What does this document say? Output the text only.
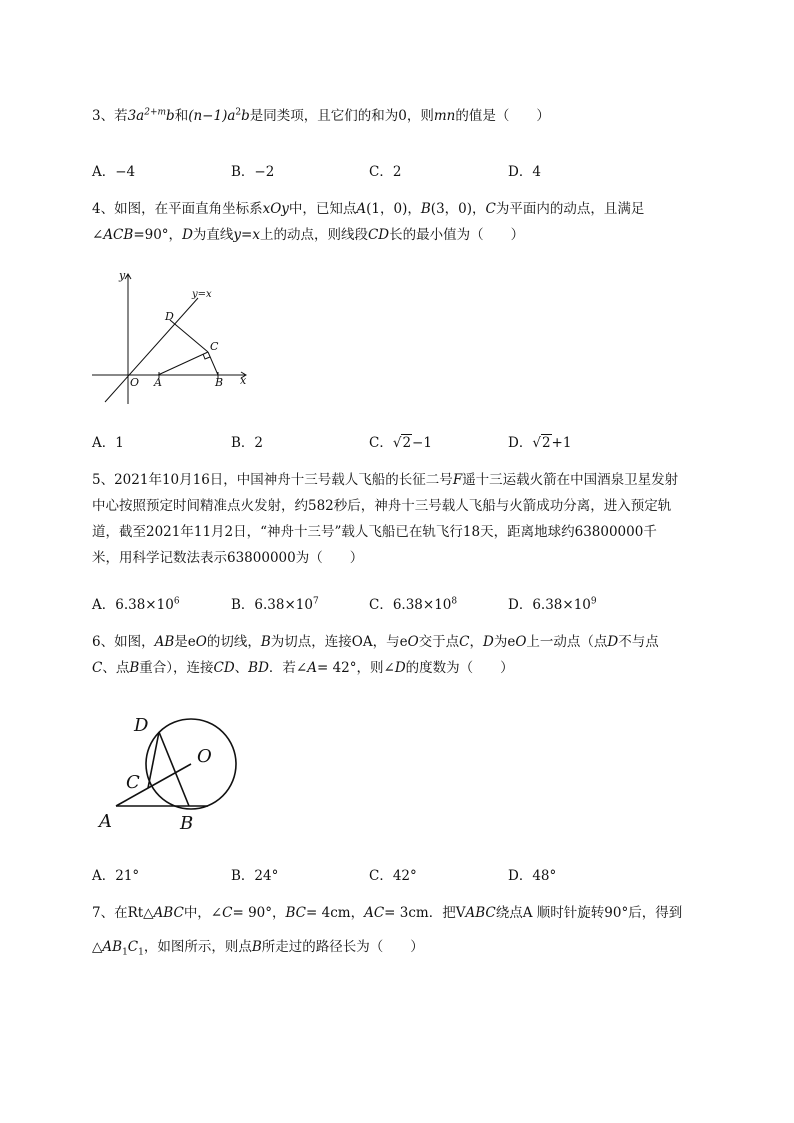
3、若$3a^{2+m}b$和$(n-1)a^2b$是同类项，且它们的和为0，则mn的值是（　　）
A．−4	B．−2	C．2	D．4
4、如图，在平面直角坐标系xOy中，已知点A(1，0)，B(3，0)，C为平面内的动点，且满足
∠ACB=90°，D为直线y=x上的动点，则线段CD长的最小值为（　　）
y
x
O A	B
C
D
y=x
A．1	B．2	C．√2−1	D．√2+1
5、2021年10月16日，中国神舟十三号载人飞船的长征二号F遥十三运载火箭在中国酒泉卫星发射
中心按照预定时间精准点火发射，约582秒后，神舟十三号载人飞船与火箭成功分离，进入预定轨
道，截至2021年11月2日，“神舟十三号”载人飞船已在轨飞行18天，距离地球约63800000千
米，用科学记数法表示63800000为（　　）
A．$6.38\times 10^6$	B．$6.38\times 10^7$	C．$6.38\times 10^8$	D．$6.38\times 10^9$
6、如图，AB是eO的切线，B为切点，连接OA，与eO交于点C，D为eO上一动点（点D不与点
C、点B重合），连接CD、BD．若∠A= 42°，则∠D的度数为（　　）
D
O
C
A	B
A．21°	B．24°	C．42°	D．48°
7、在Rt△ABC中，∠C= 90°，BC= 4cm，AC= 3cm．把VABC绕点A 顺时针旋转90°后，得到
$\triangle AB_1C_1$，如图所示，则点B所走过的路径长为（　　）
